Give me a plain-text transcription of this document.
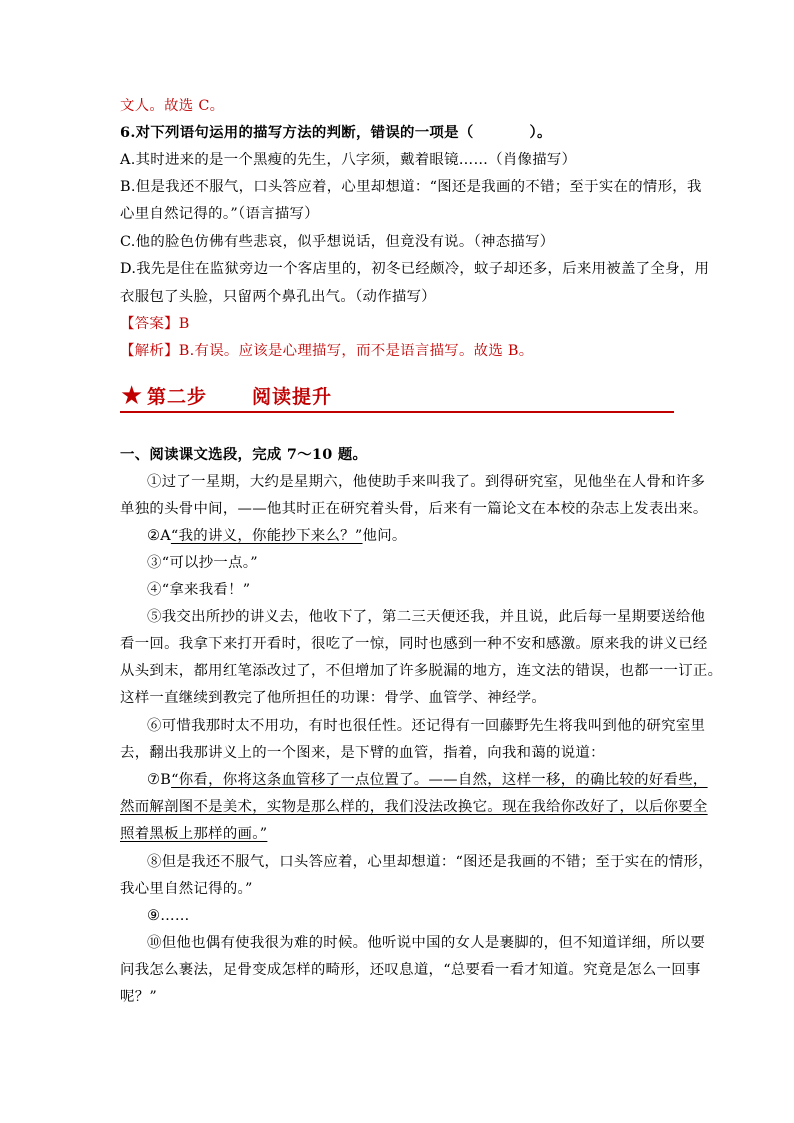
文人。故选 C。
6.对下列语句运用的描写方法的判断，错误的一项是（	）。
A.其时进来的是一个黑瘦的先生，八字须，戴着眼镜……（肖像描写）
B.但是我还不服气，口头答应着，心里却想道：“图还是我画的不错；至于实在的情形，我
心里自然记得的。”（语言描写）
C.他的脸色仿佛有些悲哀，似乎想说话，但竟没有说。（神态描写）
D.我先是住在监狱旁边一个客店里的，初冬已经颇冷，蚊子却还多，后来用被盖了全身，用
衣服包了头脸，只留两个鼻孔出气。（动作描写）
【答案】B
【解析】B.有误。应该是心理描写，而不是语言描写。故选 B。
★ 第二步 阅读提升
一、阅读课文选段，完成 7～10 题。
①过了一星期，大约是星期六，他使助手来叫我了。到得研究室，见他坐在人骨和许多
单独的头骨中间，——他其时正在研究着头骨，后来有一篇论文在本校的杂志上发表出来。
②A“我的讲义，你能抄下来么？”他问。
③“可以抄一点。”
④“拿来我看！”
⑤我交出所抄的讲义去，他收下了，第二三天便还我，并且说，此后每一星期要送给他
看一回。我拿下来打开看时，很吃了一惊，同时也感到一种不安和感激。原来我的讲义已经
从头到末，都用红笔添改过了，不但增加了许多脱漏的地方，连文法的错误，也都一一订正。
这样一直继续到教完了他所担任的功课：骨学、血管学、神经学。
⑥可惜我那时太不用功，有时也很任性。还记得有一回藤野先生将我叫到他的研究室里
去，翻出我那讲义上的一个图来，是下臂的血管，指着，向我和蔼的说道：
⑦B“你看，你将这条血管移了一点位置了。——自然，这样一移，的确比较的好看些，
然而解剖图不是美术，实物是那么样的，我们没法改换它。现在我给你改好了，以后你要全
照着黑板上那样的画。”
⑧但是我还不服气，口头答应着，心里却想道：“图还是我画的不错；至于实在的情形，
我心里自然记得的。”
⑨……
⑩但他也偶有使我很为难的时候。他听说中国的女人是裹脚的，但不知道详细，所以要
问我怎么裹法，足骨变成怎样的畸形，还叹息道，“总要看一看才知道。究竟是怎么一回事
呢？”
